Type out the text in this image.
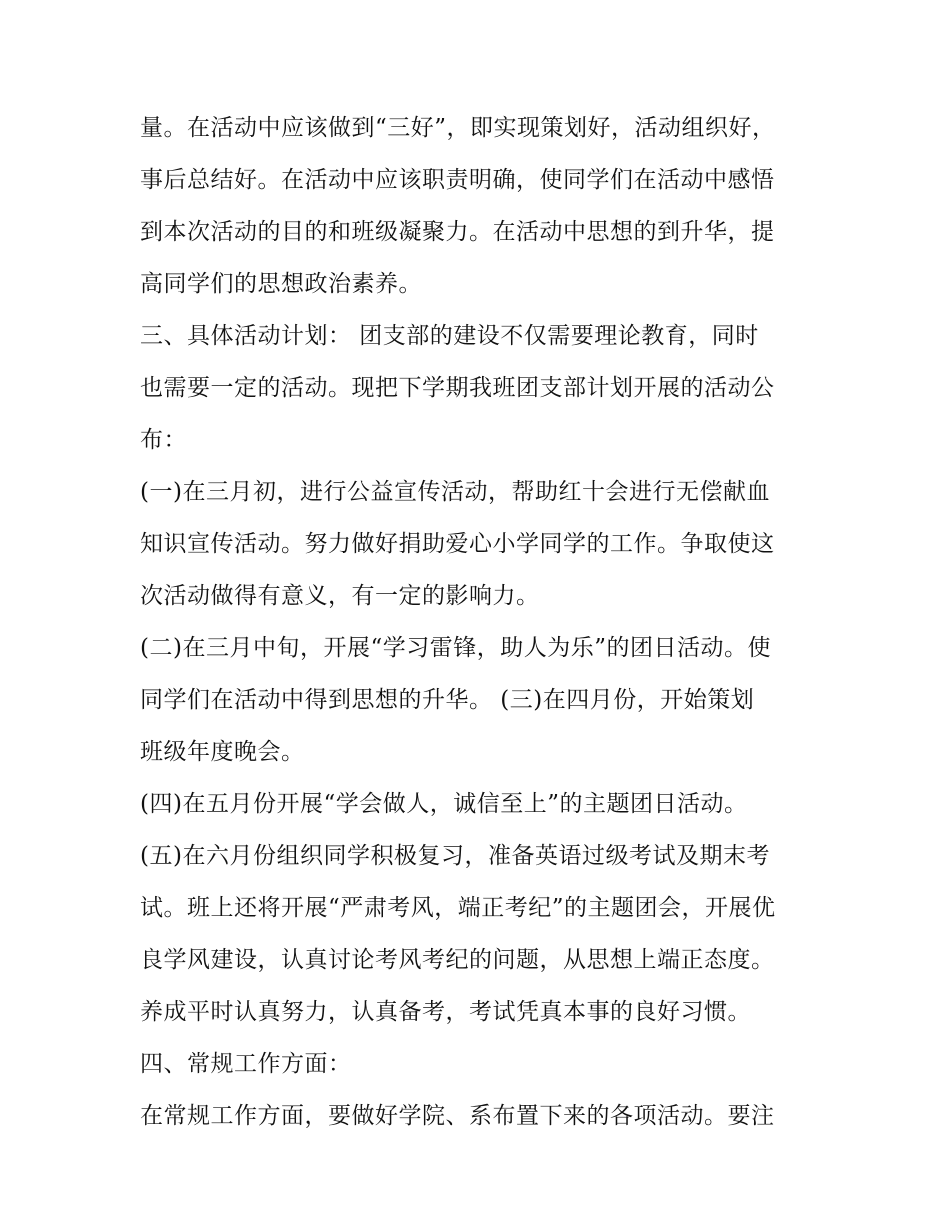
量。在活动中应该做到“三好”，即实现策划好，活动组织好，
事后总结好。在活动中应该职责明确，使同学们在活动中感悟
到本次活动的目的和班级凝聚力。在活动中思想的到升华，提
高同学们的思想政治素养。
三、具体活动计划： 团支部的建设不仅需要理论教育，同时
也需要一定的活动。现把下学期我班团支部计划开展的活动公
布：
(一)在三月初，进行公益宣传活动，帮助红十会进行无偿献血
知识宣传活动。努力做好捐助爱心小学同学的工作。争取使这
次活动做得有意义，有一定的影响力。
(二)在三月中旬，开展“学习雷锋，助人为乐”的团日活动。使
同学们在活动中得到思想的升华。 (三)在四月份，开始策划
班级年度晚会。
(四)在五月份开展“学会做人，诚信至上”的主题团日活动。
(五)在六月份组织同学积极复习，准备英语过级考试及期末考
试。班上还将开展“严肃考风，端正考纪”的主题团会，开展优
良学风建设，认真讨论考风考纪的问题，从思想上端正态度。
养成平时认真努力，认真备考，考试凭真本事的良好习惯。
四、常规工作方面：
在常规工作方面，要做好学院、系布置下来的各项活动。要注
